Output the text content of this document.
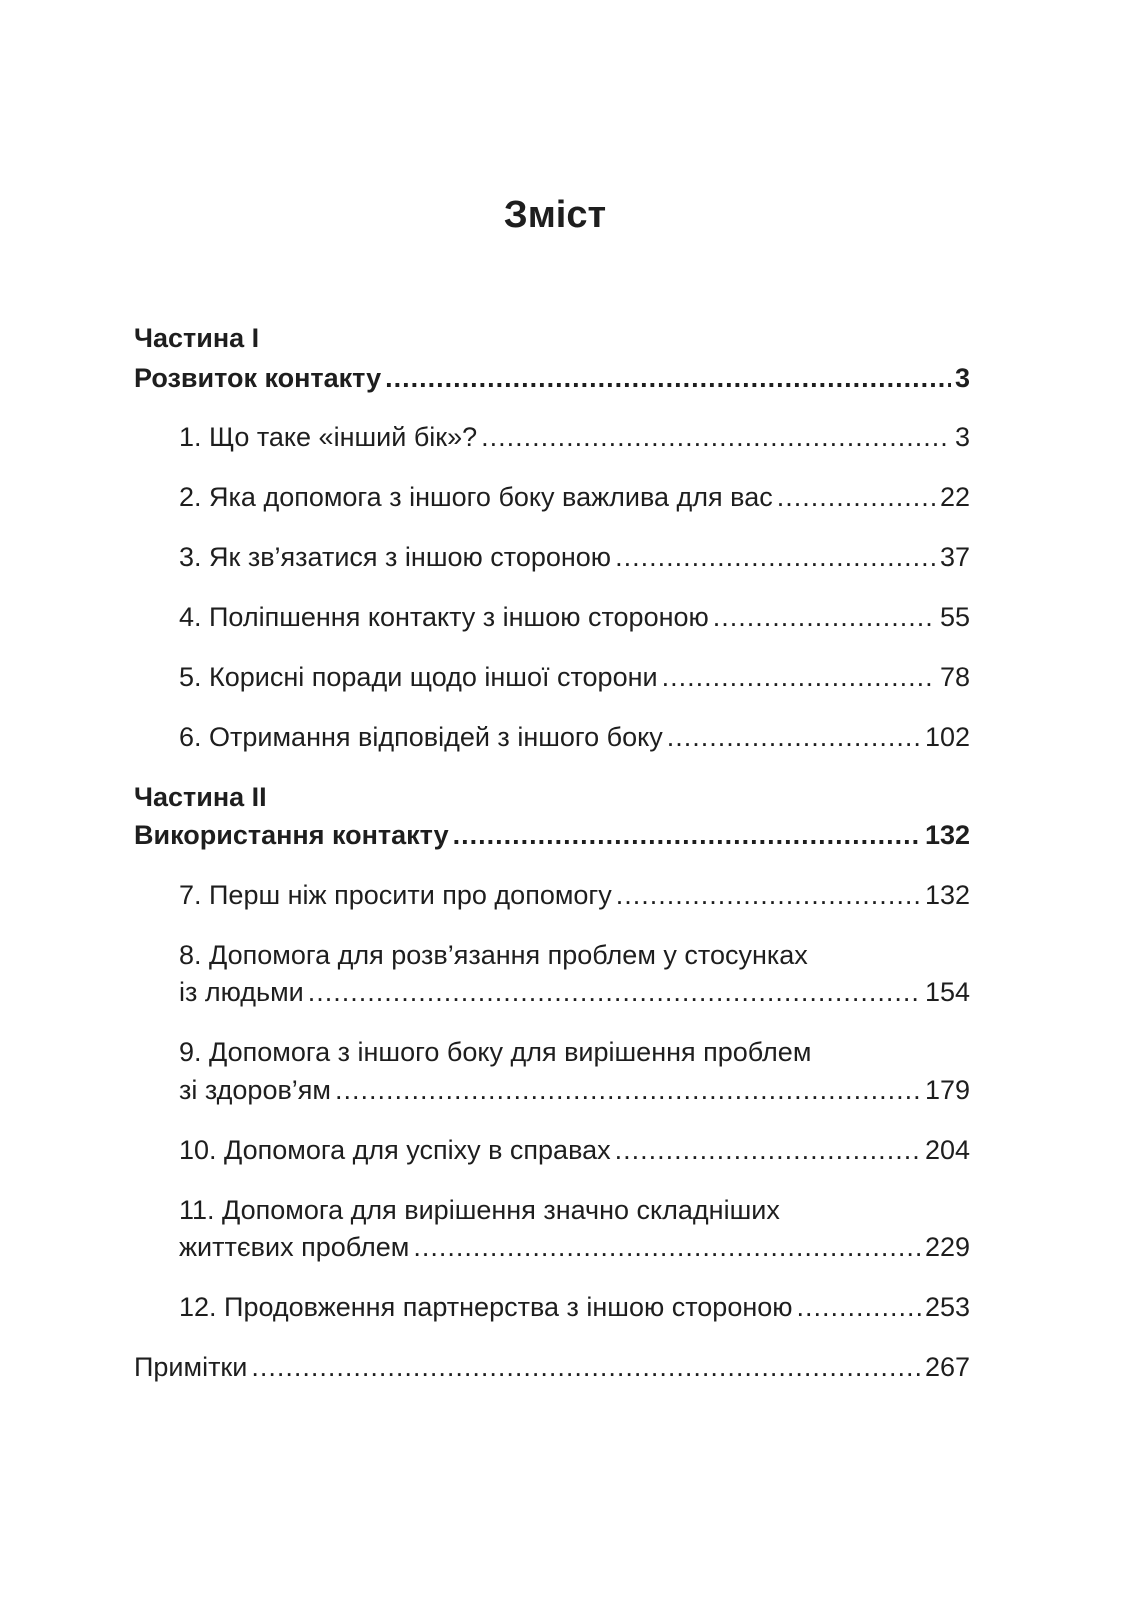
Зміст
Частина I
Розвиток контакту .....	3
1. Що таке «інший бік»? .....	3
2. Яка допомога з іншого боку важлива для вас .....	22
3. Як зв’язатися з іншою стороною .....	37
4. Поліпшення контакту з іншою стороною .....	55
5. Корисні поради щодо іншої сторони .....	78
6. Отримання відповідей з іншого боку .....	102
Частина II
Використання контакту .....	132
7. Перш ніж просити про допомогу .....	132
8. Допомога для розв’язання проблем у стосунках
із людьми .....	154
9. Допомога з іншого боку для вирішення проблем
зі здоров’ям .....	179
10. Допомога для успіху в справах .....	204
11. Допомога для вирішення значно складніших
життєвих проблем .....	229
12. Продовження партнерства з іншою стороною .....	253
Примітки .....	267
